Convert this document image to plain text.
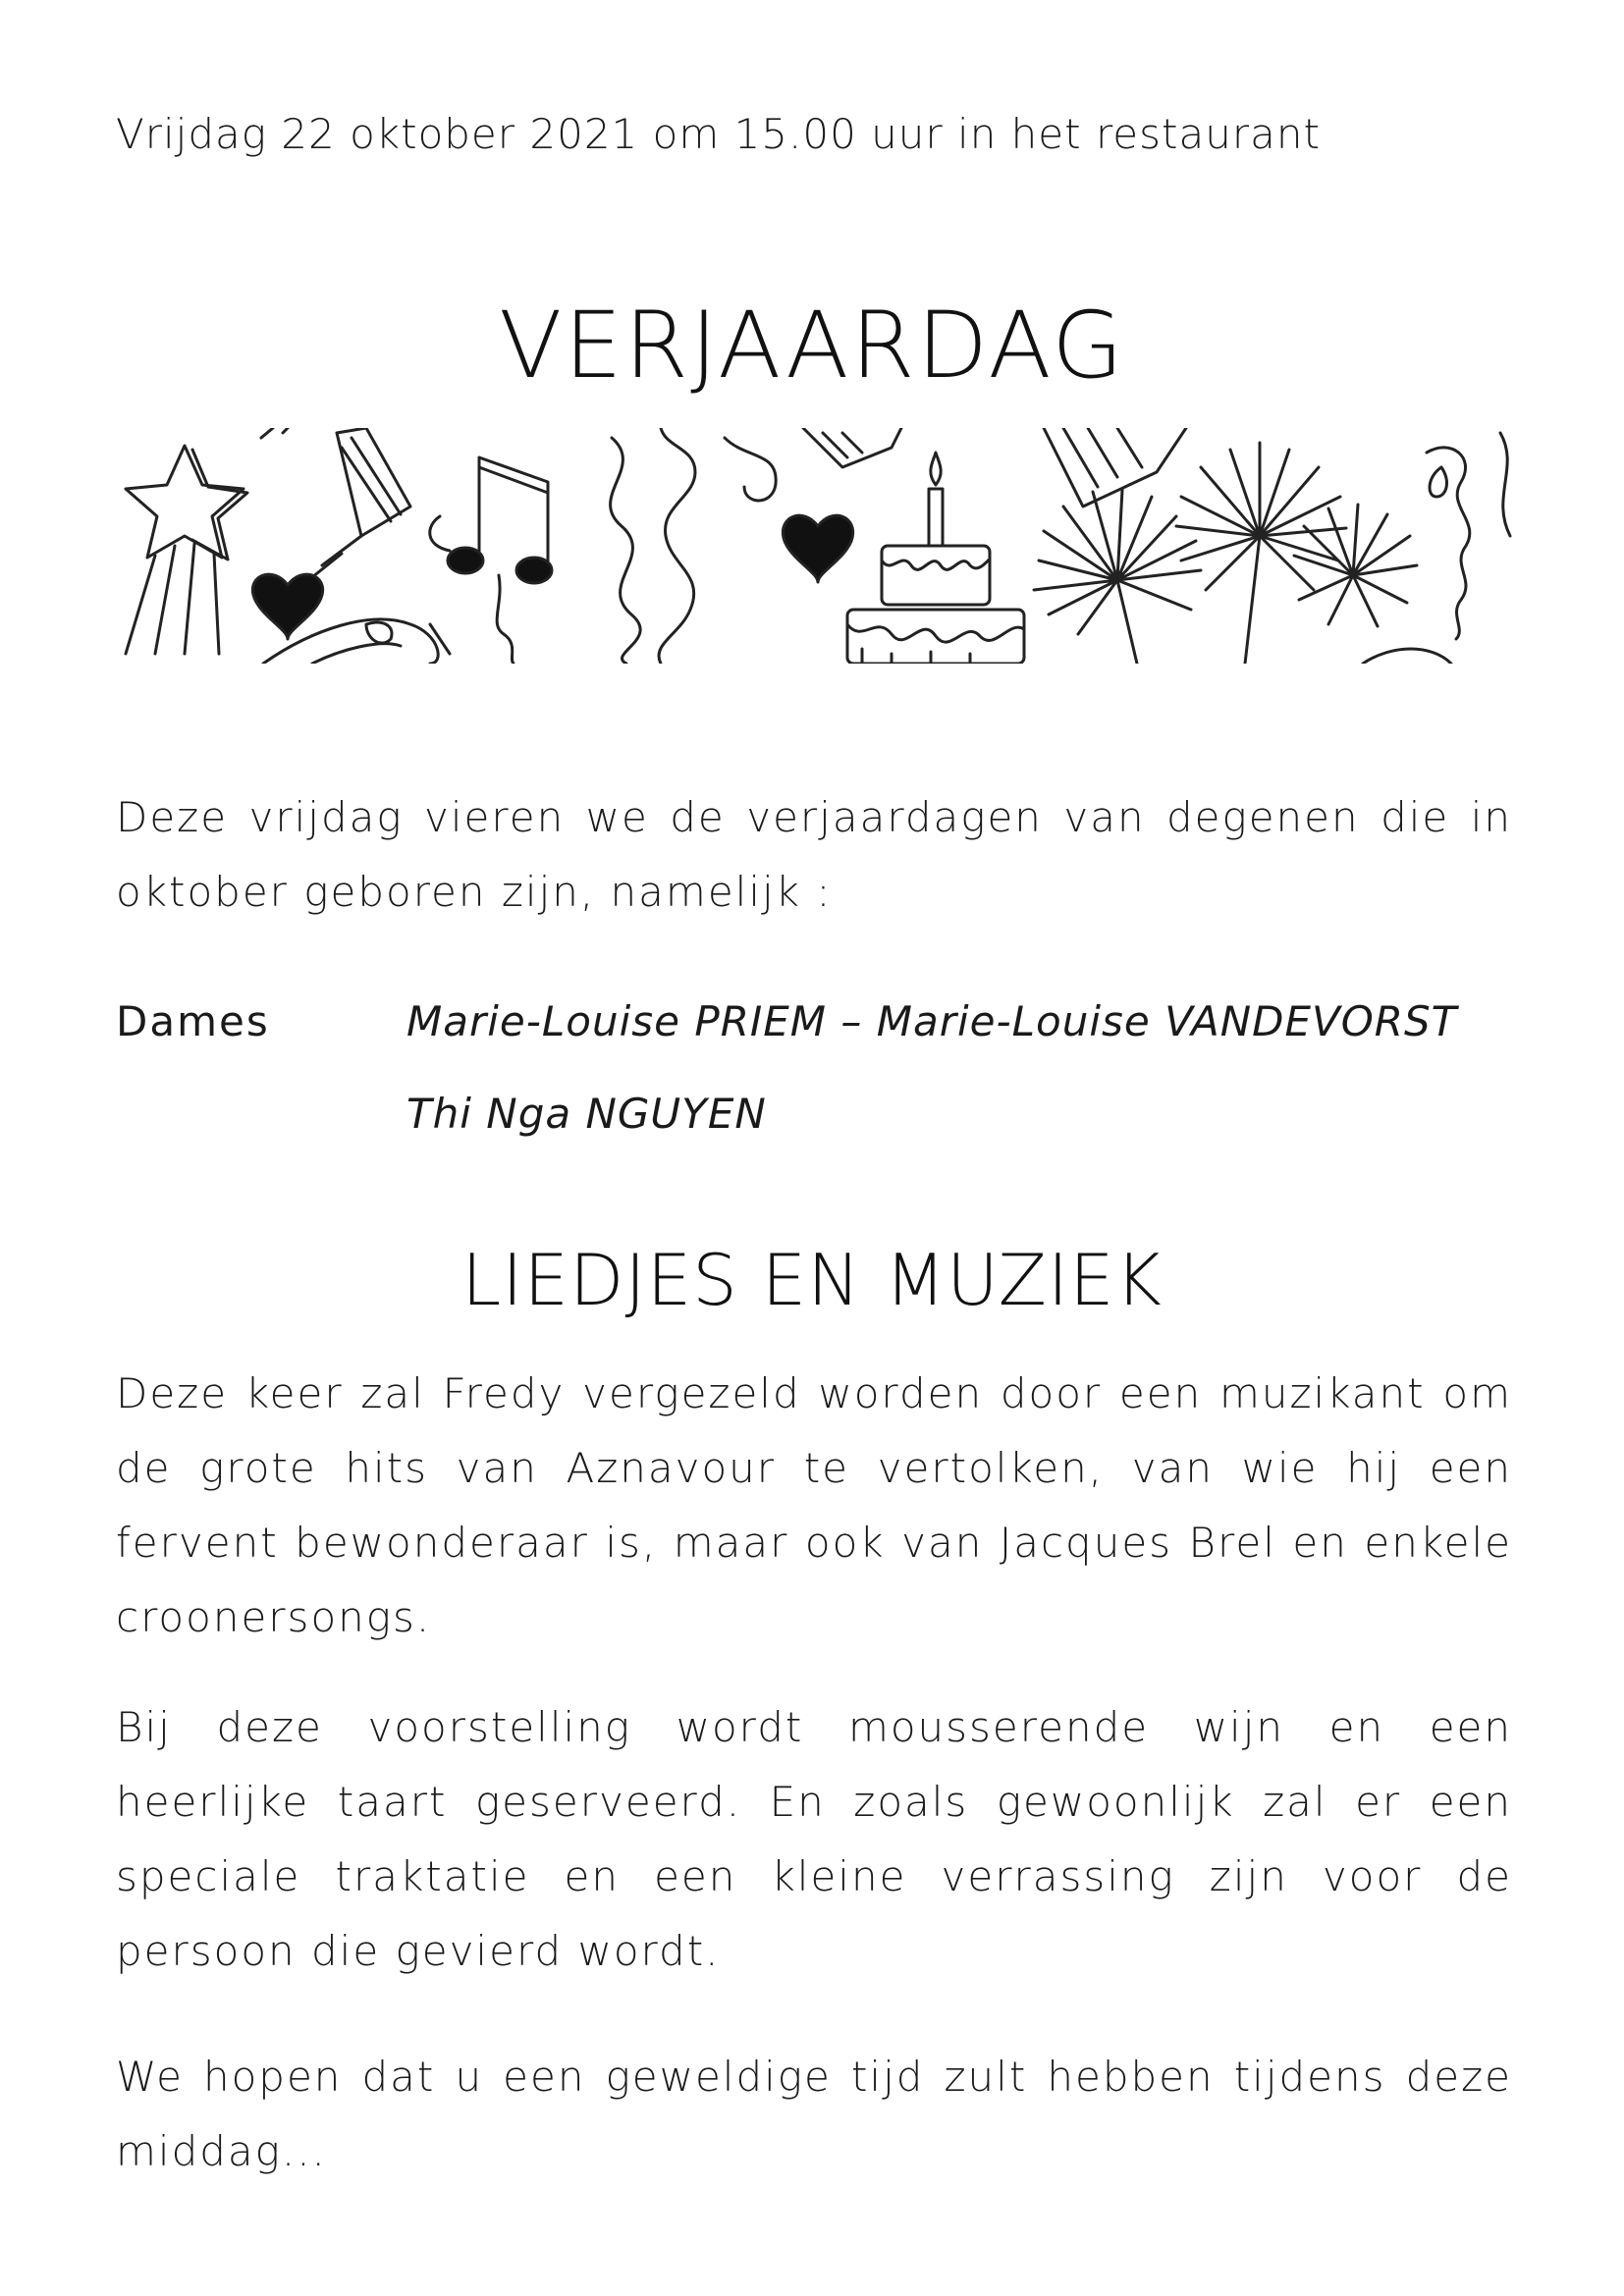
Vrijdag 22 oktober 2021 om 15.00 uur in het restaurant
VERJAARDAG
Deze vrijdag vieren we de verjaardagen van degenen die in oktober geboren zijn, namelijk :
Dames	Marie-Louise PRIEM – Marie-Louise VANDEVORST
Thi Nga NGUYEN
LIEDJES EN MUZIEK
Deze keer zal Fredy vergezeld worden door een muzikant om de grote hits van Aznavour te vertolken, van wie hij een fervent bewonderaar is, maar ook van Jacques Brel en enkele croonersongs.
Bij deze voorstelling wordt mousserende wijn en een heerlijke taart geserveerd. En zoals gewoonlijk zal er een speciale traktatie en een kleine verrassing zijn voor de persoon die gevierd wordt.
We hopen dat u een geweldige tijd zult hebben tijdens deze middag...
